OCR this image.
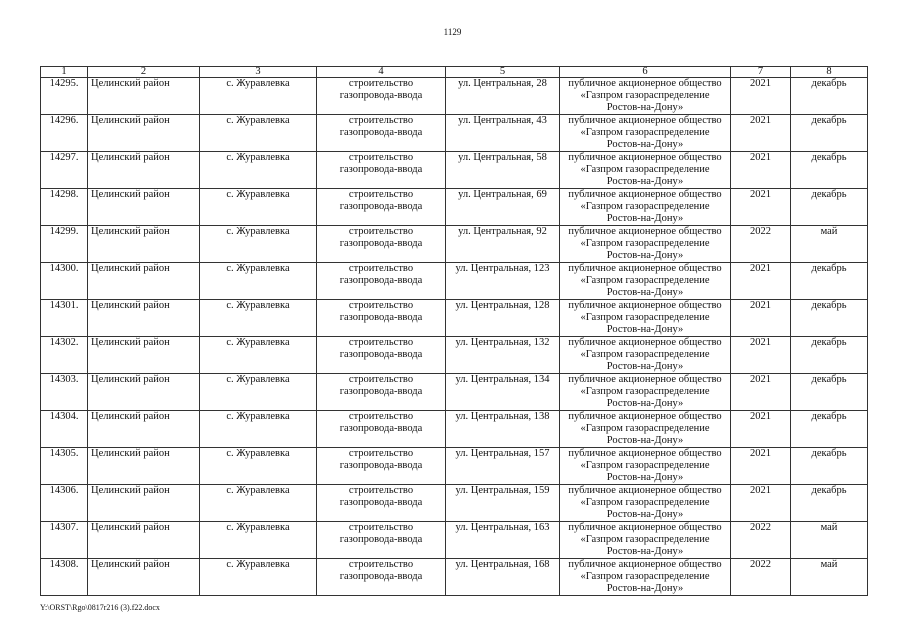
1129
1	2	3	4	5	6	7	8
14295.	Целинский район	с. Журавлевка	строительство газопровода-ввода	ул. Центральная, 28	публичное акционерное общество «Газпром газораспределение Ростов-на-Дону»	2021	декабрь
14296.	Целинский район	с. Журавлевка	строительство газопровода-ввода	ул. Центральная, 43	публичное акционерное общество «Газпром газораспределение Ростов-на-Дону»	2021	декабрь
14297.	Целинский район	с. Журавлевка	строительство газопровода-ввода	ул. Центральная, 58	публичное акционерное общество «Газпром газораспределение Ростов-на-Дону»	2021	декабрь
14298.	Целинский район	с. Журавлевка	строительство газопровода-ввода	ул. Центральная, 69	публичное акционерное общество «Газпром газораспределение Ростов-на-Дону»	2021	декабрь
14299.	Целинский район	с. Журавлевка	строительство газопровода-ввода	ул. Центральная, 92	публичное акционерное общество «Газпром газораспределение Ростов-на-Дону»	2022	май
14300.	Целинский район	с. Журавлевка	строительство газопровода-ввода	ул. Центральная, 123	публичное акционерное общество «Газпром газораспределение Ростов-на-Дону»	2021	декабрь
14301.	Целинский район	с. Журавлевка	строительство газопровода-ввода	ул. Центральная, 128	публичное акционерное общество «Газпром газораспределение Ростов-на-Дону»	2021	декабрь
14302.	Целинский район	с. Журавлевка	строительство газопровода-ввода	ул. Центральная, 132	публичное акционерное общество «Газпром газораспределение Ростов-на-Дону»	2021	декабрь
14303.	Целинский район	с. Журавлевка	строительство газопровода-ввода	ул. Центральная, 134	публичное акционерное общество «Газпром газораспределение Ростов-на-Дону»	2021	декабрь
14304.	Целинский район	с. Журавлевка	строительство газопровода-ввода	ул. Центральная, 138	публичное акционерное общество «Газпром газораспределение Ростов-на-Дону»	2021	декабрь
14305.	Целинский район	с. Журавлевка	строительство газопровода-ввода	ул. Центральная, 157	публичное акционерное общество «Газпром газораспределение Ростов-на-Дону»	2021	декабрь
14306.	Целинский район	с. Журавлевка	строительство газопровода-ввода	ул. Центральная, 159	публичное акционерное общество «Газпром газораспределение Ростов-на-Дону»	2021	декабрь
14307.	Целинский район	с. Журавлевка	строительство газопровода-ввода	ул. Центральная, 163	публичное акционерное общество «Газпром газораспределение Ростов-на-Дону»	2022	май
14308.	Целинский район	с. Журавлевка	строительство газопровода-ввода	ул. Центральная, 168	публичное акционерное общество «Газпром газораспределение Ростов-на-Дону»	2022	май
Y:\ORST\Rgo\0817r216 (3).f22.docx
